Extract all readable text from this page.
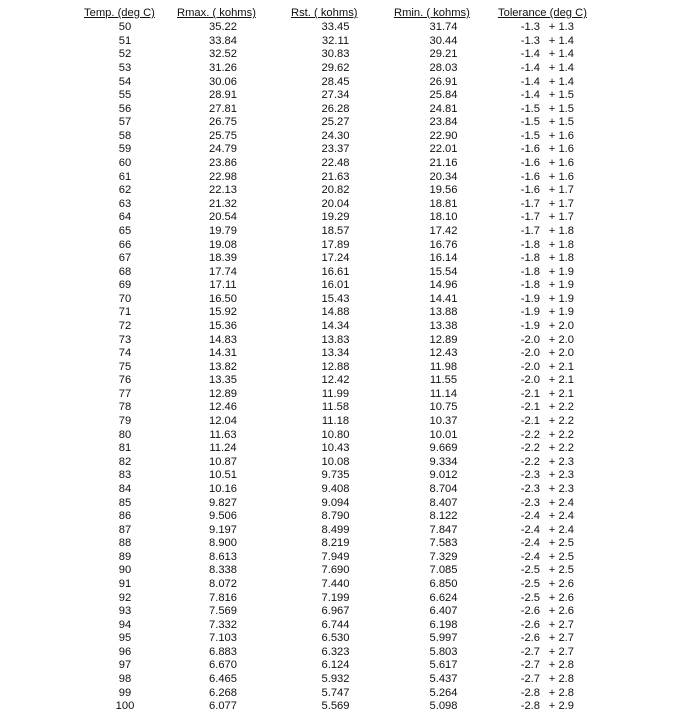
Temp. (deg C)	Rmax. ( kohms)	Rst. ( kohms)	Rmin. ( kohms)	Tolerance (deg C)
50	35.22	33.45	31.74	-1.3 + 1.3
51	33.84	32.11	30.44	-1.3 + 1.4
52	32.52	30.83	29.21	-1.4 + 1.4
53	31.26	29.62	28.03	-1.4 + 1.4
54	30.06	28.45	26.91	-1.4 + 1.4
55	28.91	27.34	25.84	-1.4 + 1.5
56	27.81	26.28	24.81	-1.5 + 1.5
57	26.75	25.27	23.84	-1.5 + 1.5
58	25.75	24.30	22.90	-1.5 + 1.6
59	24.79	23.37	22.01	-1.6 + 1.6
60	23.86	22.48	21.16	-1.6 + 1.6
61	22.98	21.63	20.34	-1.6 + 1.6
62	22.13	20.82	19.56	-1.6 + 1.7
63	21.32	20.04	18.81	-1.7 + 1.7
64	20.54	19.29	18.10	-1.7 + 1.7
65	19.79	18.57	17.42	-1.7 + 1.8
66	19.08	17.89	16.76	-1.8 + 1.8
67	18.39	17.24	16.14	-1.8 + 1.8
68	17.74	16.61	15.54	-1.8 + 1.9
69	17.11	16.01	14.96	-1.8 + 1.9
70	16.50	15.43	14.41	-1.9 + 1.9
71	15.92	14.88	13.88	-1.9 + 1.9
72	15.36	14.34	13.38	-1.9 + 2.0
73	14.83	13.83	12.89	-2.0 + 2.0
74	14.31	13.34	12.43	-2.0 + 2.0
75	13.82	12.88	11.98	-2.0 + 2.1
76	13.35	12.42	11.55	-2.0 + 2.1
77	12.89	11.99	11.14	-2.1 + 2.1
78	12.46	11.58	10.75	-2.1 + 2.2
79	12.04	11.18	10.37	-2.1 + 2.2
80	11.63	10.80	10.01	-2.2 + 2.2
81	11.24	10.43	9.669	-2.2 + 2.2
82	10.87	10.08	9.334	-2.2 + 2.3
83	10.51	9.735	9.012	-2.3 + 2.3
84	10.16	9.408	8.704	-2.3 + 2.3
85	9.827	9.094	8.407	-2.3 + 2.4
86	9.506	8.790	8.122	-2.4 + 2.4
87	9.197	8.499	7.847	-2.4 + 2.4
88	8.900	8.219	7.583	-2.4 + 2.5
89	8.613	7.949	7.329	-2.4 + 2.5
90	8.338	7.690	7.085	-2.5 + 2.5
91	8.072	7.440	6.850	-2.5 + 2.6
92	7.816	7.199	6.624	-2.5 + 2.6
93	7.569	6.967	6.407	-2.6 + 2.6
94	7.332	6.744	6.198	-2.6 + 2.7
95	7.103	6.530	5.997	-2.6 + 2.7
96	6.883	6.323	5.803	-2.7 + 2.7
97	6.670	6.124	5.617	-2.7 + 2.8
98	6.465	5.932	5.437	-2.7 + 2.8
99	6.268	5.747	5.264	-2.8 + 2.8
100	6.077	5.569	5.098	-2.8 + 2.9
